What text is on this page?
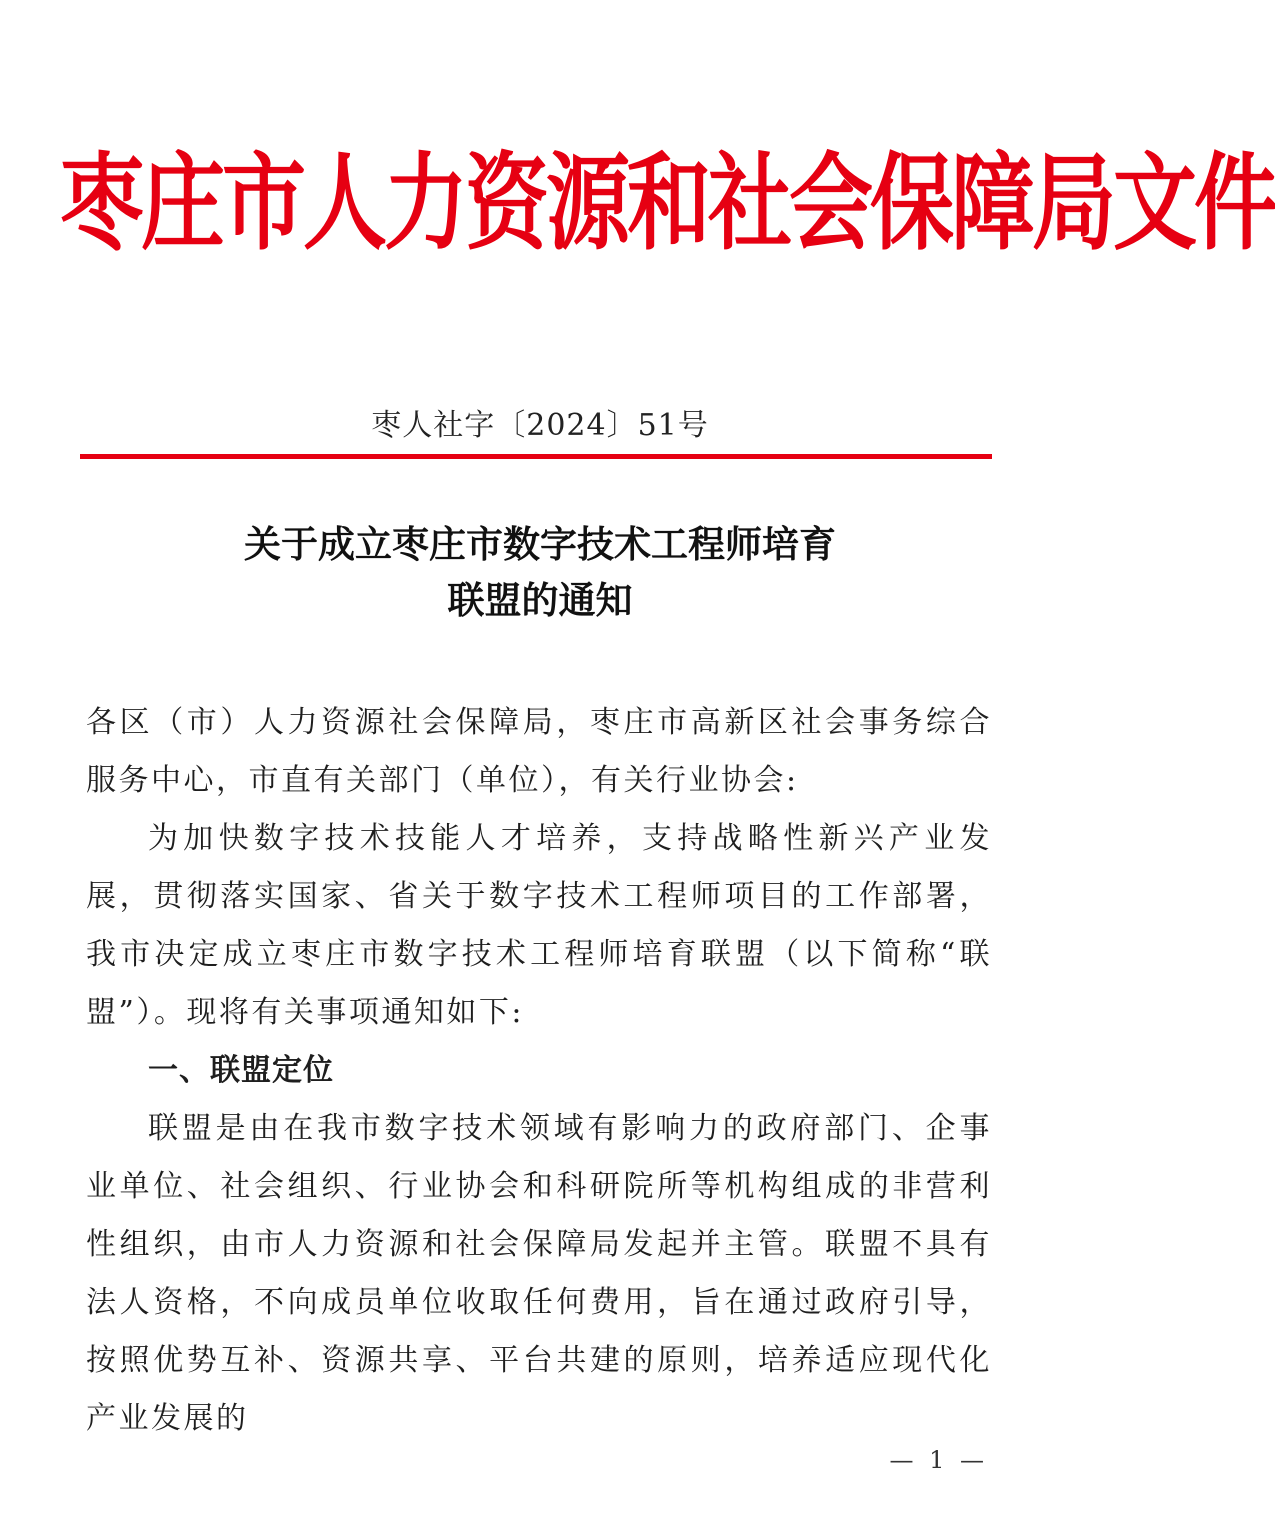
枣庄市人力资源和社会保障局文件
枣人社字〔2024〕51号
关于成立枣庄市数字技术工程师培育
联盟的通知

各区（市）人力资源社会保障局，枣庄市高新区社会事务综合服务中心，市直有关部门（单位），有关行业协会:

为加快数字技术技能人才培养，支持战略性新兴产业发展，贯彻落实国家、省关于数字技术工程师项目的工作部署，我市决定成立枣庄市数字技术工程师培育联盟（以下简称“联盟”）。现将有关事项通知如下:

一、联盟定位

联盟是由在我市数字技术领域有影响力的政府部门、企事业单位、社会组织、行业协会和科研院所等机构组成的非营利性组织，由市人力资源和社会保障局发起并主管。联盟不具有法人资格，不向成员单位收取任何费用，旨在通过政府引导，按照优势互补、资源共享、平台共建的原则，培养适应现代化产业发展的

— 1 —
